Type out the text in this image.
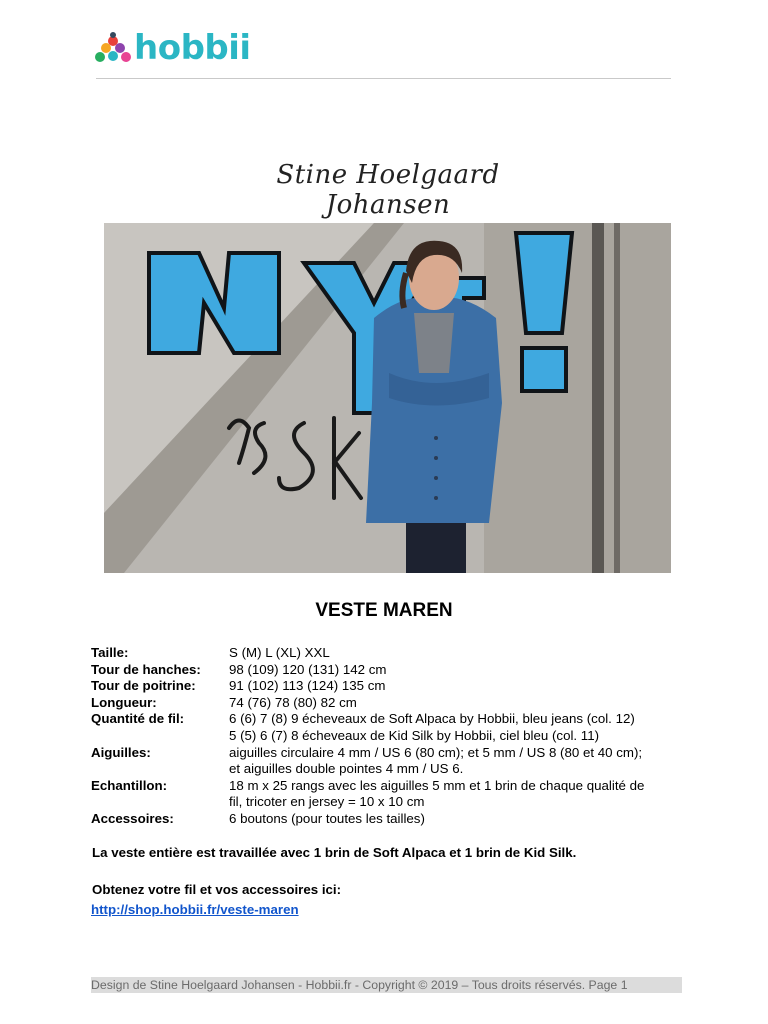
hobbii
Stine Hoelgaard Johansen
VESTE MAREN
Taille:	S (M) L (XL) XXL
Tour de hanches:	98 (109) 120 (131) 142 cm
Tour de poitrine:	91 (102) 113 (124) 135 cm
Longueur:	74 (76) 78 (80) 82 cm
Quantité de fil:	6 (6) 7 (8) 9 écheveaux de Soft Alpaca by Hobbii, bleu jeans (col. 12)
5 (5) 6 (7) 8 écheveaux de Kid Silk by Hobbii, ciel bleu (col. 11)
Aiguilles:	aiguilles circulaire 4 mm / US 6 (80 cm); et 5 mm / US 8 (80 et 40 cm);
et aiguilles double pointes 4 mm / US 6.
Echantillon:	18 m x 25 rangs avec les aiguilles 5 mm et 1 brin de chaque qualité de
fil, tricoter en jersey = 10 x 10 cm
Accessoires:	6 boutons (pour toutes les tailles)
La veste entière est travaillée avec 1 brin de Soft Alpaca et 1 brin de Kid Silk.
Obtenez votre fil et vos accessoires ici:
http://shop.hobbii.fr/veste-maren
Design de Stine Hoelgaard Johansen - Hobbii.fr - Copyright © 2019 – Tous droits réservés. Page 1
